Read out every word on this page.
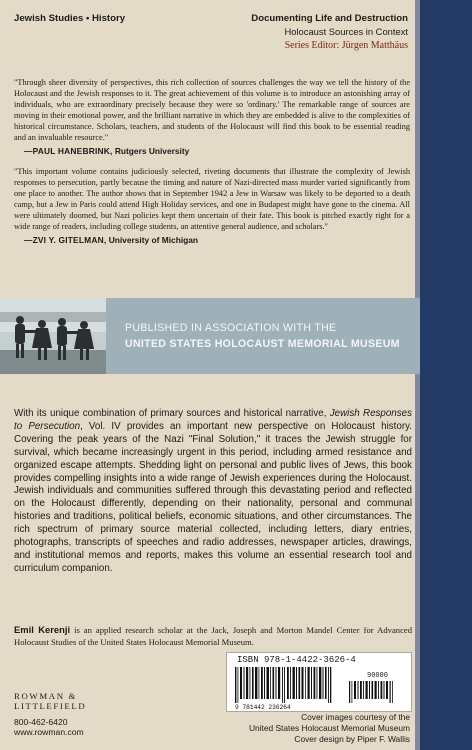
Jewish Studies • History	Documenting Life and Destruction
Holocaust Sources in Context
Series Editor: Jürgen Matthäus

"Through sheer diversity of perspectives, this rich collection of sources challenges the way we tell the history of the Holocaust and the Jewish responses to it. The great achievement of this volume is to introduce an astonishing array of individuals, who are extraordinary precisely because they were so 'ordinary.' The remarkable range of sources are moving in their emotional power, and the brilliant narrative in which they are embedded is alive to the complexities of historical circumstance. Scholars, teachers, and students of the Holocaust will find this book to be essential reading and an invaluable resource."

—PAUL HANEBRINK, Rutgers University

"This important volume contains judiciously selected, riveting documents that illustrate the complexity of Jewish responses to persecution, partly because the timing and nature of Nazi-directed mass murder varied significantly from one place to another. The author shows that in September 1942 a Jew in Warsaw was likely to be deported to a death camp, but a Jew in Paris could attend High Holiday services, and one in Budapest might have gone to the cinema. All were ultimately doomed, but Nazi policies kept them uncertain of their fate. This book is pitched exactly right for a wide range of readers, including college students, an attentive general audience, and scholars."

—ZVI Y. GITELMAN, University of Michigan
PUBLISHED IN ASSOCIATION WITH THE
UNITED STATES HOLOCAUST MEMORIAL MUSEUM

With its unique combination of primary sources and historical narrative, Jewish Responses to Persecution, Vol. IV provides an important new perspective on Holocaust history. Covering the peak years of the Nazi "Final Solution," it traces the Jewish struggle for survival, which became increasingly urgent in this period, including armed resistance and organized escape attempts. Shedding light on personal and public lives of Jews, this book provides compelling insights into a wide range of Jewish experiences during the Holocaust. Jewish individuals and communities suffered through this devastating period and reflected on the Holocaust differently, depending on their nationality, personal and communal histories and traditions, political beliefs, economic situations, and other circumstances. The rich spectrum of primary source material collected, including letters, diary entries, photographs, transcripts of speeches and radio addresses, newspaper articles, drawings, and institutional memos and reports, makes this volume an essential research tool and curriculum companion.

Emil Kerenji is an applied research scholar at the Jack, Joseph and Morton Mandel Center for Advanced Holocaust Studies of the United States Holocaust Memorial Museum.

ROWMAN &
LITTLEFIELD
800-462-6420
www.rowman.com
ISBN 978-1-4422-3626-4
90000
9 781442 236264
Cover images courtesy of the
United States Holocaust Memorial Museum
Cover design by Piper F. Wallis
